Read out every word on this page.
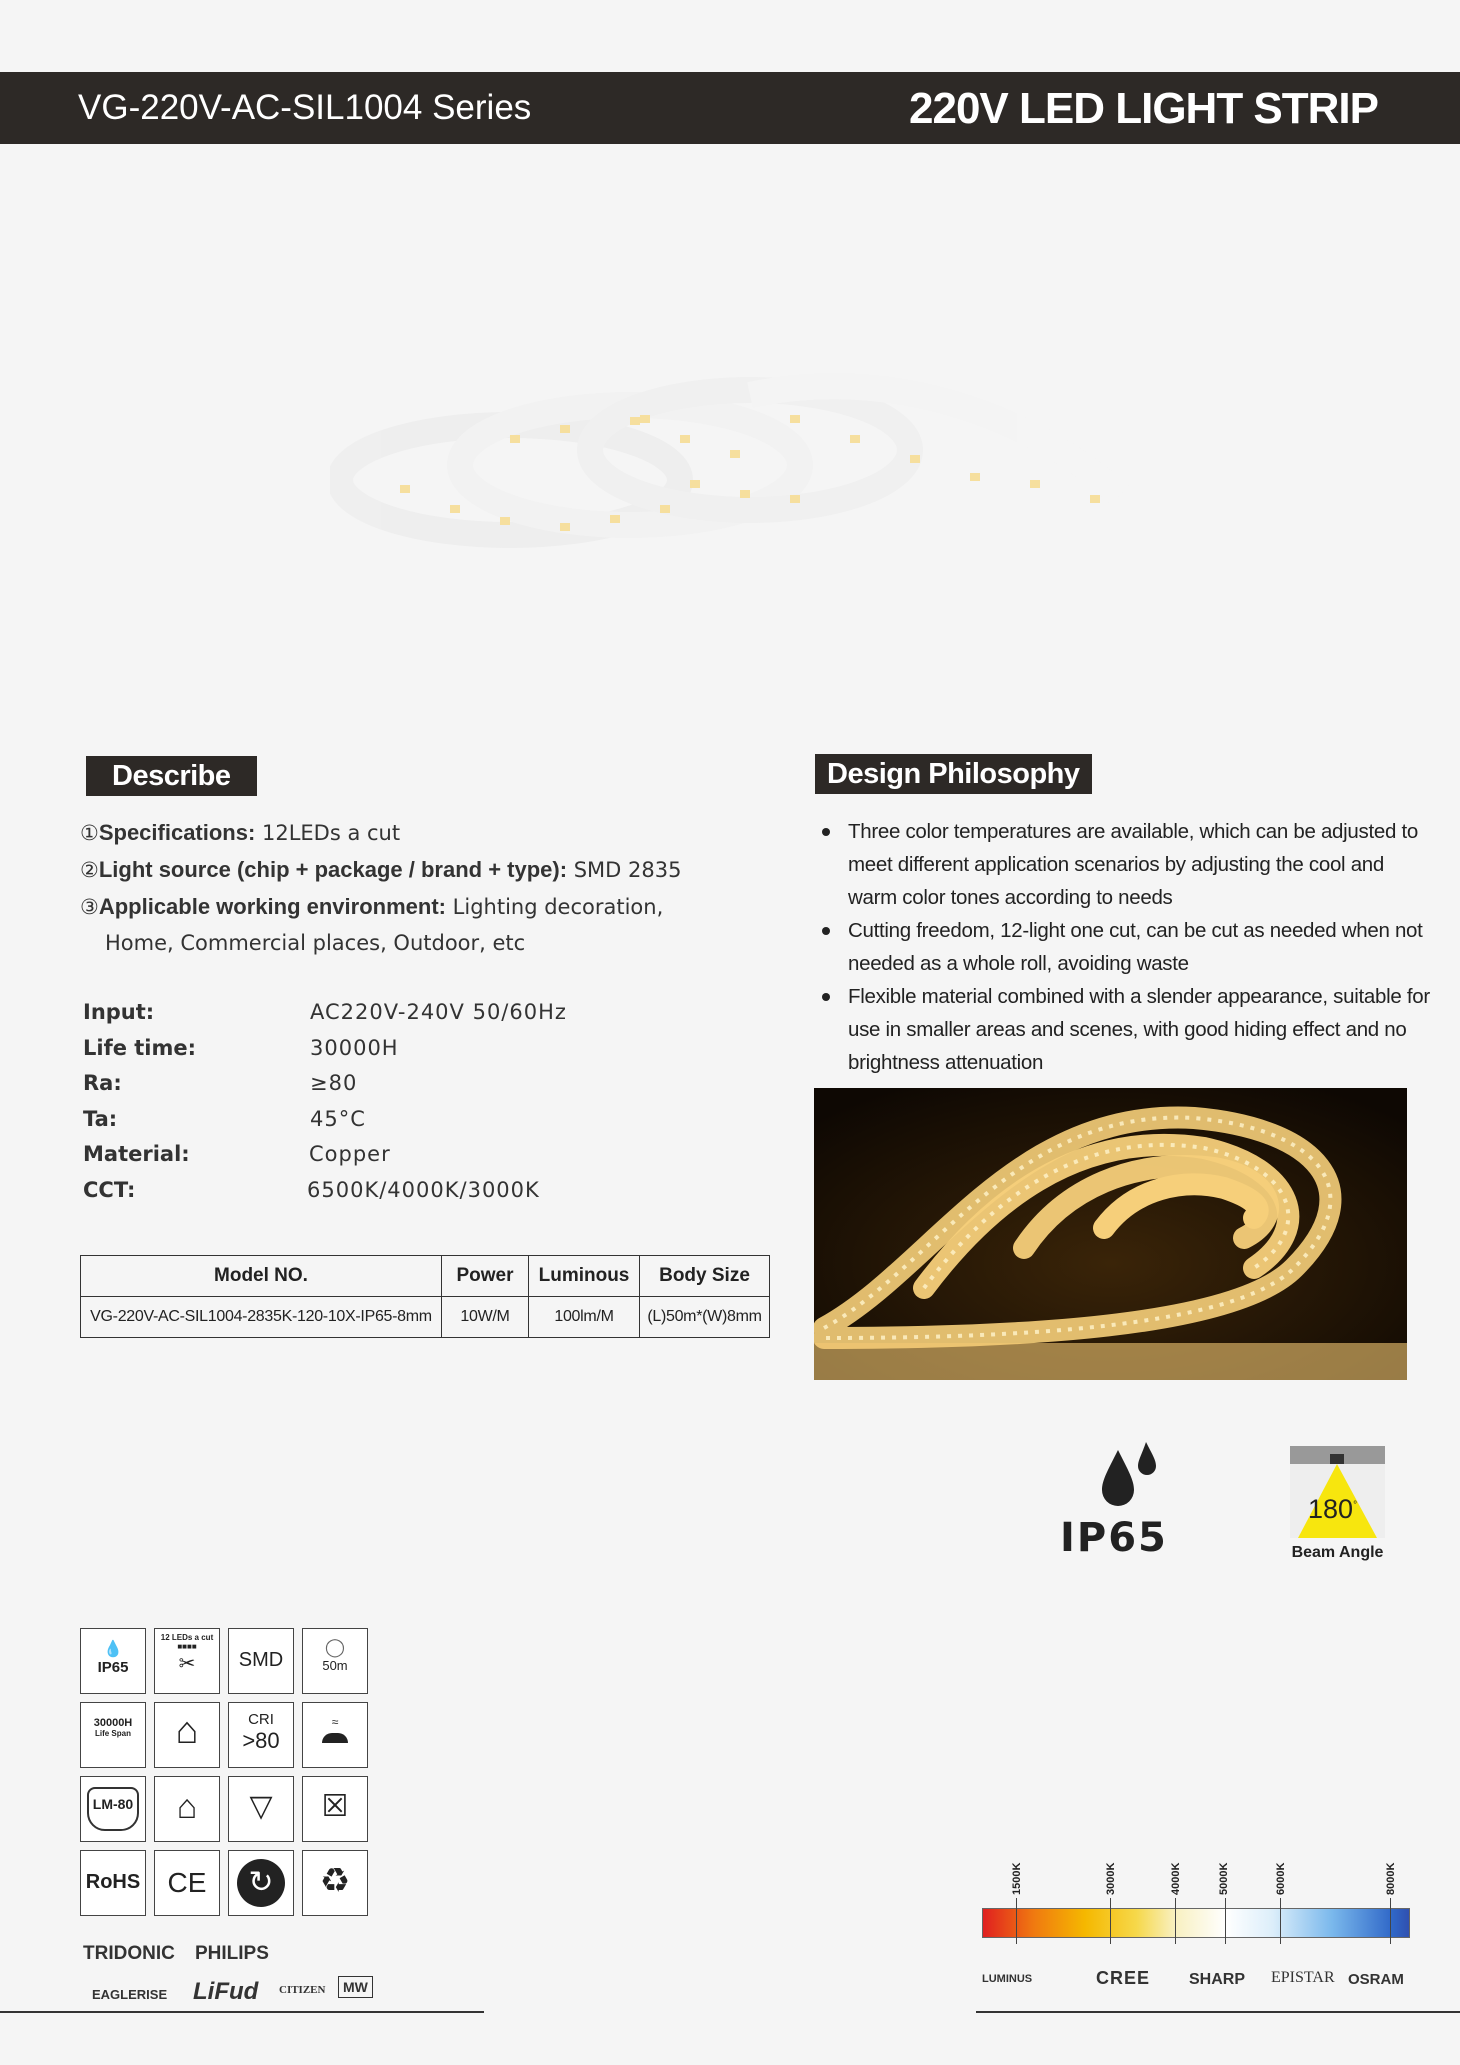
VG-220V-AC-SIL1004 Series	220V LED LIGHT STRIP
Describe
①Specifications: 12LEDs a cut
②Light source (chip + package / brand + type): SMD 2835
③Applicable working environment: Lighting decoration,
Home, Commercial places, Outdoor, etc
Input:	AC220V-240V 50/60Hz
Life time:	30000H
Ra:	≥80
Ta:	45°C
Material:	Copper
CCT:	6500K/4000K/3000K
Model NO.	Power	Luminous	Body Size
VG-220V-AC-SIL1004-2835K-120-10X-IP65-8mm	10W/M	100lm/M	(L)50m*(W)8mm
Design Philosophy
Three color temperatures are available, which can be adjusted to meet different application scenarios by adjusting the cool and warm color tones according to needs
Cutting freedom, 12-light one cut, can be cut as needed when not needed as a whole roll, avoiding waste
Flexible material combined with a slender appearance, suitable for use in smaller areas and scenes, with good hiding effect and no brightness attenuation
IP65
180°
Beam Angle
💧
IP65
12 LEDs a cut
■■■■
✂	SMD
◯
50m
30000H
Life Span	⌂	CRI
>80
≈
LM-80	⌂	▽	☒
RoHS CE	↻	♻
TRIDONIC PHILIPS
EAGLERISE LiFud CITIZEN	MW
1500K	3000K	4000K	5000K	6000K	8000K
LUMINUS	CREE SHARP EPISTAR OSRAM
